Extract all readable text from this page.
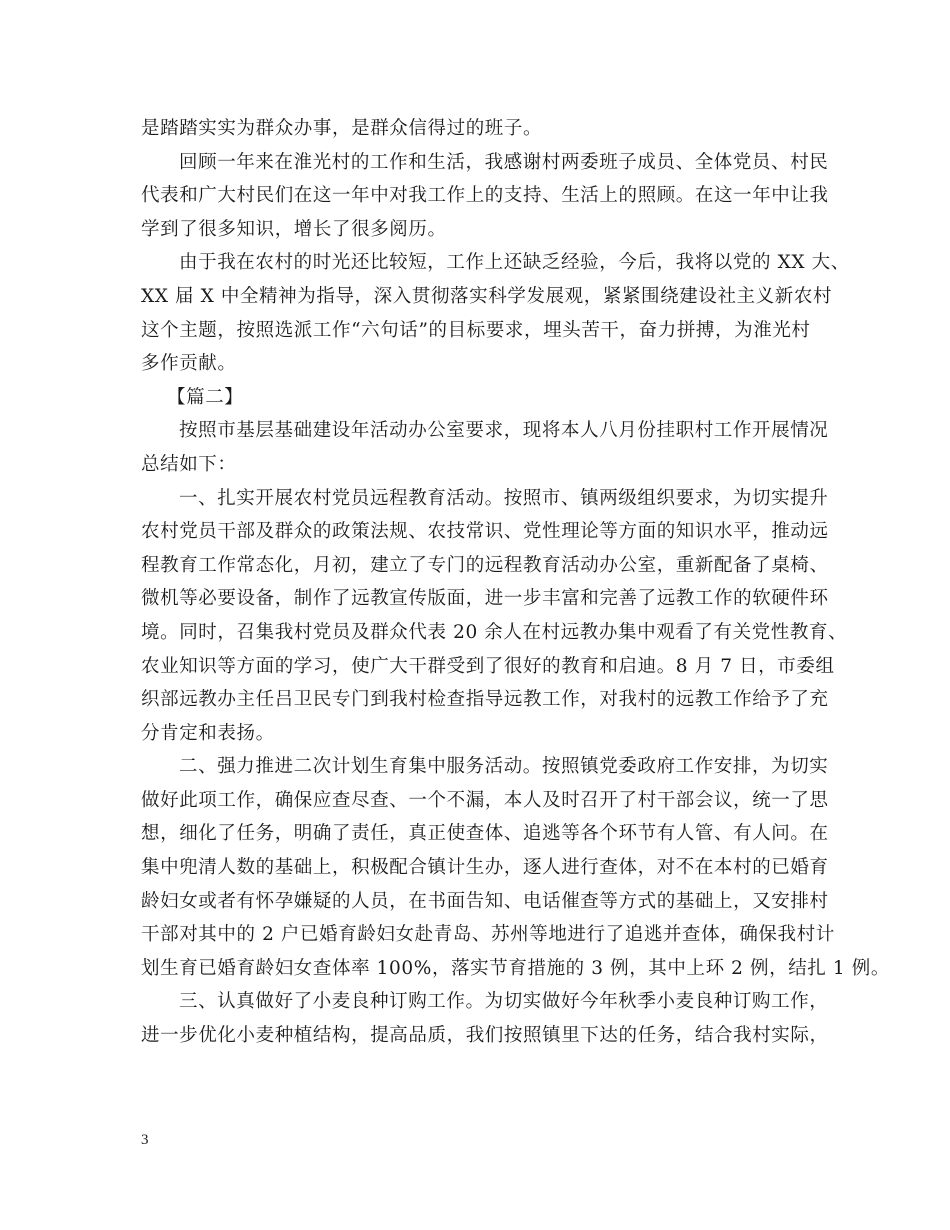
是踏踏实实为群众办事，是群众信得过的班子。
回顾一年来在淮光村的工作和生活，我感谢村两委班子成员、全体党员、村民
代表和广大村民们在这一年中对我工作上的支持、生活上的照顾。在这一年中让我
学到了很多知识，增长了很多阅历。
由于我在农村的时光还比较短，工作上还缺乏经验，今后，我将以党的 XX 大、
XX 届 X 中全精神为指导，深入贯彻落实科学发展观，紧紧围绕建设社主义新农村
这个主题，按照选派工作“六句话”的目标要求，埋头苦干，奋力拼搏，为淮光村
多作贡献。
【篇二】
按照市基层基础建设年活动办公室要求，现将本人八月份挂职村工作开展情况
总结如下：
一、扎实开展农村党员远程教育活动。按照市、镇两级组织要求，为切实提升
农村党员干部及群众的政策法规、农技常识、党性理论等方面的知识水平，推动远
程教育工作常态化，月初，建立了专门的远程教育活动办公室，重新配备了桌椅、
微机等必要设备，制作了远教宣传版面，进一步丰富和完善了远教工作的软硬件环
境。同时，召集我村党员及群众代表 20 余人在村远教办集中观看了有关党性教育、
农业知识等方面的学习，使广大干群受到了很好的教育和启迪。8 月 7 日，市委组
织部远教办主任吕卫民专门到我村检查指导远教工作，对我村的远教工作给予了充
分肯定和表扬。
二、强力推进二次计划生育集中服务活动。按照镇党委政府工作安排，为切实
做好此项工作，确保应查尽查、一个不漏，本人及时召开了村干部会议，统一了思
想，细化了任务，明确了责任，真正使查体、追逃等各个环节有人管、有人问。在
集中兜清人数的基础上，积极配合镇计生办，逐人进行查体，对不在本村的已婚育
龄妇女或者有怀孕嫌疑的人员，在书面告知、电话催查等方式的基础上，又安排村
干部对其中的 2 户已婚育龄妇女赴青岛、苏州等地进行了追逃并查体，确保我村计
划生育已婚育龄妇女查体率 100%，落实节育措施的 3 例，其中上环 2 例，结扎 1 例。
三、认真做好了小麦良种订购工作。为切实做好今年秋季小麦良种订购工作，
进一步优化小麦种植结构，提高品质，我们按照镇里下达的任务，结合我村实际，
3
